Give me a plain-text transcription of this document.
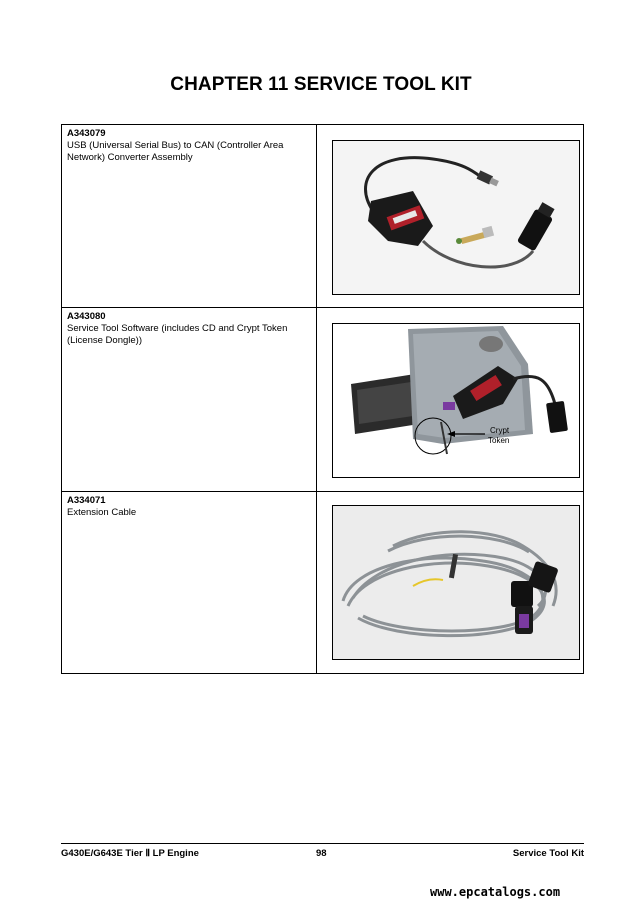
CHAPTER 11 SERVICE TOOL KIT
A343079
USB (Universal Serial Bus) to CAN (Controller Area Network) Converter Assembly	

A343080
Service Tool Software (includes CD and Crypt Token (License Dongle))	Crypt
Token

A334071
Extension Cable	
G430E/G643E Tier Ⅱ LP Engine	98	Service Tool Kit
www.epcatalogs.com
